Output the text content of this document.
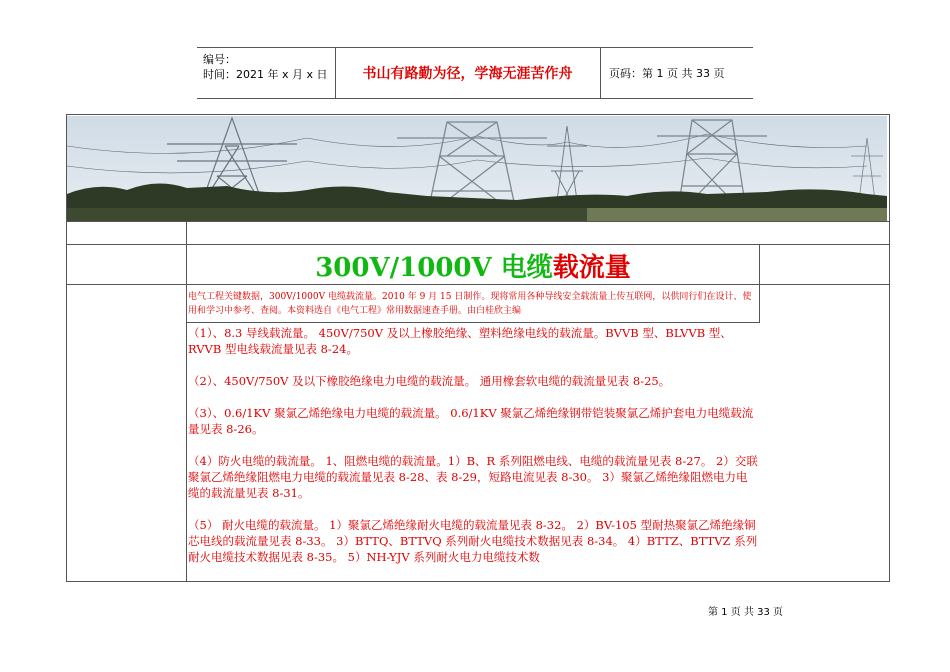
编号：
时间：2021 年 x 月 x 日	书山有路勤为径，学海无涯苦作舟	页码：第 1 页 共 33 页
300V/1000V 电缆 载流量
电气工程关键数据，300V/1000V 电缆载流量。2010 年 9 月 15 日制作。现将常用各种导线安全载流量上传互联网，以供同行们在设计、使用和学习中参考、查阅。本资料选自《电气工程》常用数据速查手册。由白桂欣主编

（1）、8.3 导线载流量。 450V/750V 及以上橡胶绝缘、塑料绝缘电线的载流量。BVVB 型、BLVVB 型、RVVB 型电线载流量见表 8-24。

（2）、450V/750V 及以下橡胶绝缘电力电缆的载流量。 通用橡套软电缆的载流量见表 8-25。

（3）、0.6/1KV 聚氯乙烯绝缘电力电缆的载流量。 0.6/1KV 聚氯乙烯绝缘钢带铠装聚氯乙烯护套电力电缆载流量见表 8-26。

（4）防火电缆的载流量。 1、阻燃电缆的载流量。1）B、R 系列阻燃电线、电缆的载流量见表 8-27。 2）交联聚氯乙烯绝缘阻燃电力电缆的载流量见表 8-28、表 8-29，短路电流见表 8-30。 3）聚氯乙烯绝缘阻燃电力电缆的载流量见表 8-31。

（5） 耐火电缆的载流量。 1）聚氯乙烯绝缘耐火电缆的载流量见表 8-32。 2）BV-105 型耐热聚氯乙烯绝缘铜芯电线的载流量见表 8-33。 3）BTTQ、BTTVQ 系列耐火电缆技术数据见表 8-34。 4）BTTZ、BTTVZ 系列耐火电缆技术数据见表 8-35。 5）NH-YJV 系列耐火电力电缆技术数

第 1 页 共 33 页
